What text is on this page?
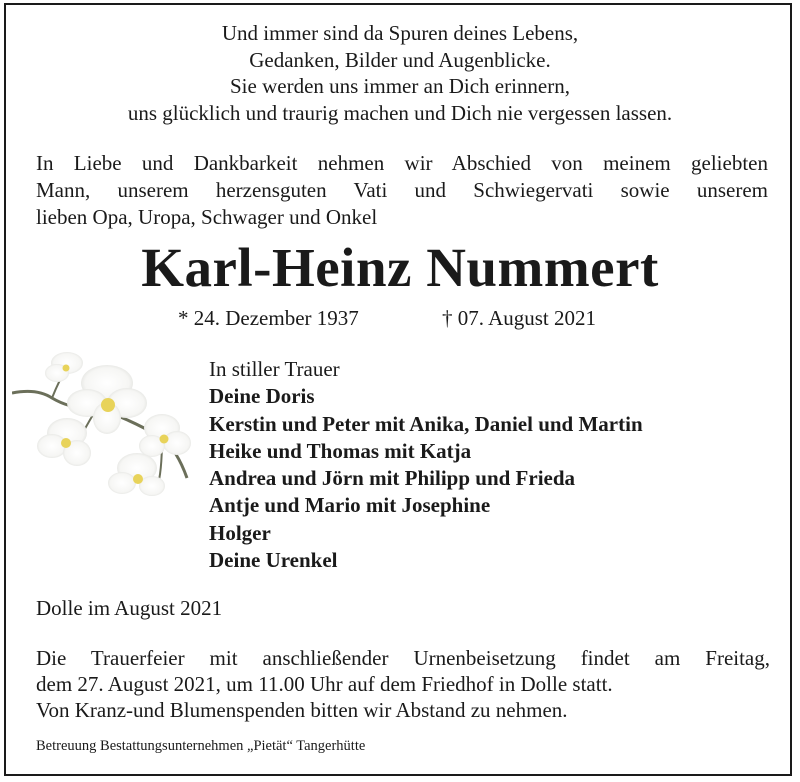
Und immer sind da Spuren deines Lebens,
Gedanken, Bilder und Augenblicke.
Sie werden uns immer an Dich erinnern,
uns glücklich und traurig machen und Dich nie vergessen lassen.
In Liebe und Dankbarkeit nehmen wir Abschied von meinem geliebten
Mann, unserem herzensguten Vati und Schwiegervati sowie unserem
lieben Opa, Uropa, Schwager und Onkel
Karl-Heinz Nummert
* 24. Dezember 1937	† 07. August 2021
In stiller Trauer
Deine Doris
Kerstin und Peter mit Anika, Daniel und Martin
Heike und Thomas mit Katja
Andrea und Jörn mit Philipp und Frieda
Antje und Mario mit Josephine
Holger
Deine Urenkel
Dolle im August 2021
Die Trauerfeier mit anschließender Urnenbeisetzung findet am Freitag,
dem 27. August 2021, um 11.00 Uhr auf dem Friedhof in Dolle statt.
Von Kranz-und Blumenspenden bitten wir Abstand zu nehmen.
Betreuung Bestattungsunternehmen „Pietät“ Tangerhütte
